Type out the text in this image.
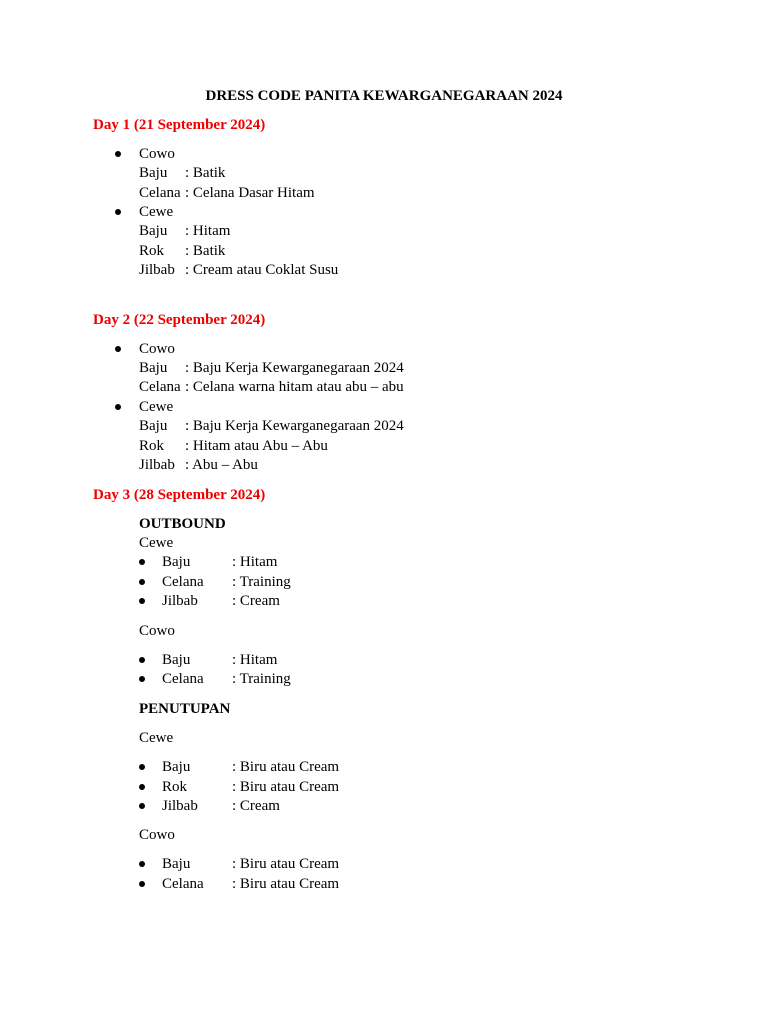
DRESS CODE PANITA KEWARGANEGARAAN 2024
Day 1 (21 September 2024)
Cowo
Baju : Batik
Celana : Celana Dasar Hitam
Cewe
Baju : Hitam
Rok : Batik
Jilbab : Cream atau Coklat Susu
Day 2 (22 September 2024)
Cowo
Baju : Baju Kerja Kewarganegaraan 2024
Celana : Celana warna hitam atau abu – abu
Cewe
Baju : Baju Kerja Kewarganegaraan 2024
Rok : Hitam atau Abu – Abu
Jilbab : Abu – Abu
Day 3 (28 September 2024)
OUTBOUND
Cewe
Baju	: Hitam
Celana : Training
Jilbab : Cream
Cowo
Baju	: Hitam
Celana : Training
PENUTUPAN
Cewe
Baju	: Biru atau Cream
Rok	: Biru atau Cream
Jilbab : Cream
Cowo
Baju	: Biru atau Cream
Celana : Biru atau Cream
